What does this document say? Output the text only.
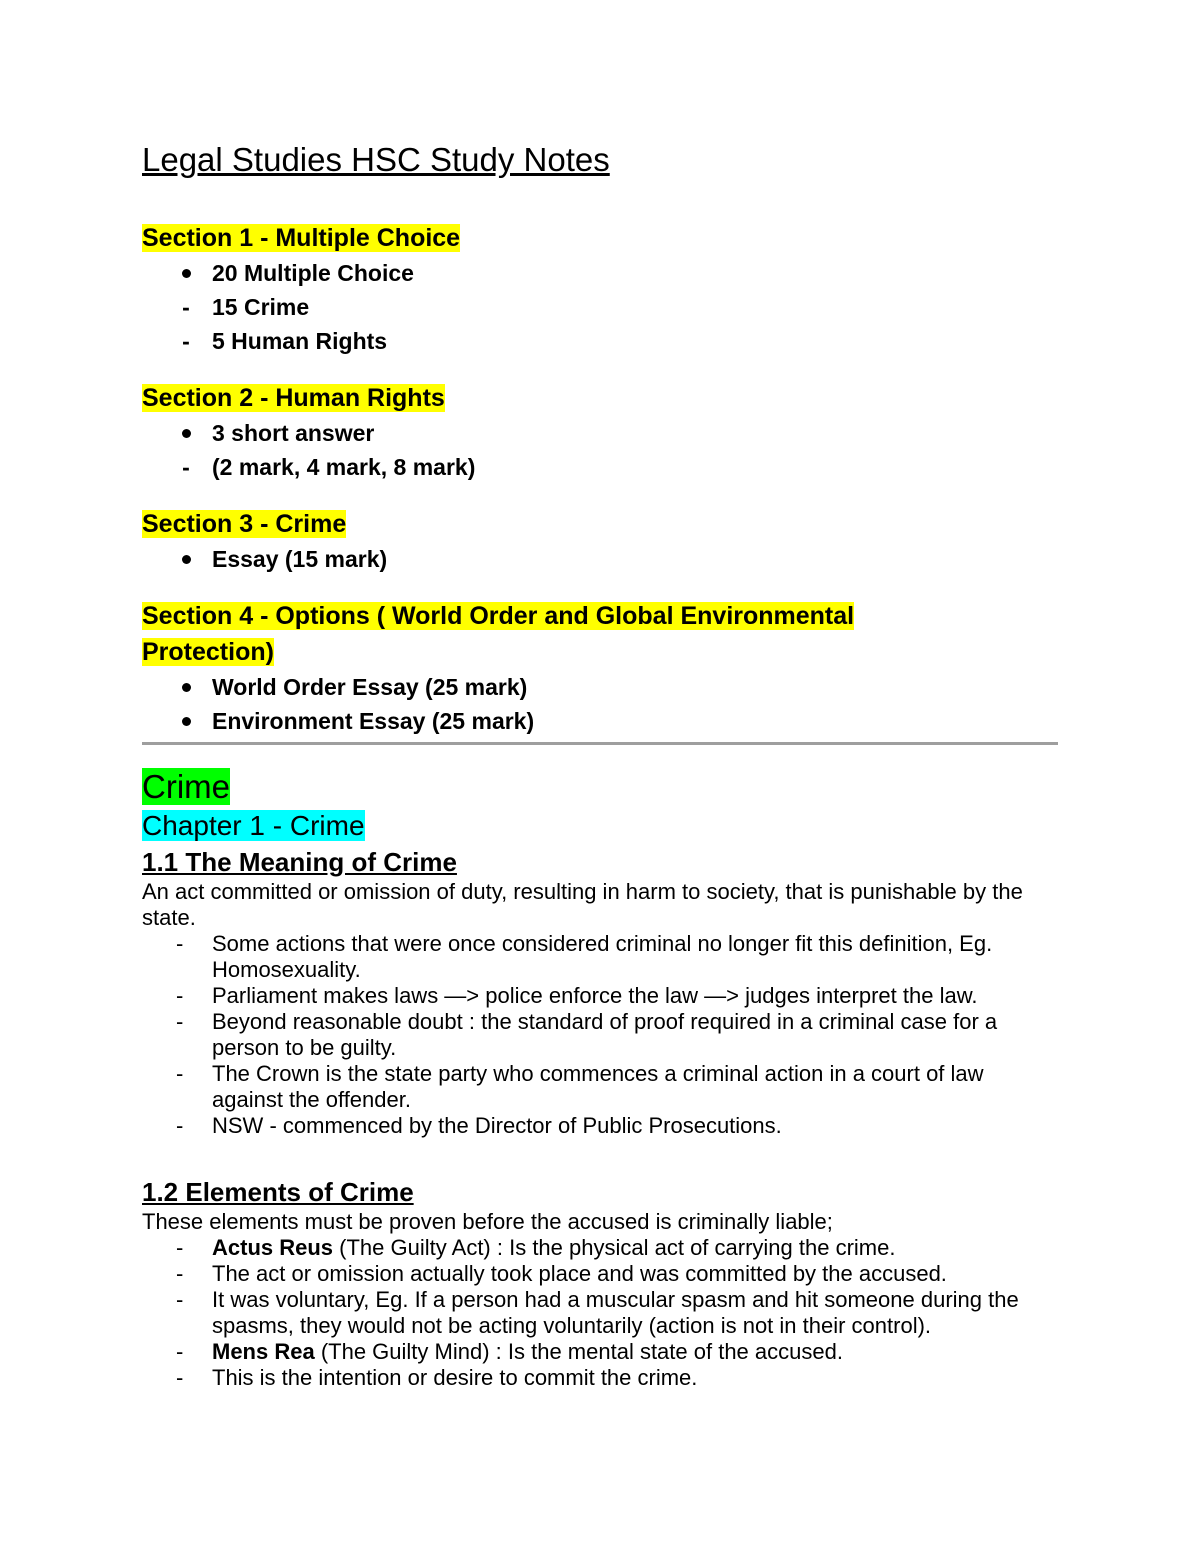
Legal Studies HSC Study Notes

Section 1 - Multiple Choice

20 Multiple Choice
- 15 Crime
- 5 Human Rights

Section 2 - Human Rights

3 short answer
- (2 mark, 4 mark, 8 mark)

Section 3 - Crime

Essay (15 mark)

Section 4 - Options ( World Order and Global Environmental
Protection)

World Order Essay (25 mark)
Environment Essay (25 mark)

Crime

Chapter 1 - Crime

1.1 The Meaning of Crime

An act committed or omission of duty, resulting in harm to society, that is punishable by the state.

- Some actions that were once considered criminal no longer fit this definition, Eg. Homosexuality.
- Parliament makes laws —> police enforce the law —> judges interpret the law.
- Beyond reasonable doubt : the standard of proof required in a criminal case for a person to be guilty.
- The Crown is the state party who commences a criminal action in a court of law against the offender.
- NSW - commenced by the Director of Public Prosecutions.

1.2 Elements of Crime

These elements must be proven before the accused is criminally liable;

- Actus Reus (The Guilty Act) : Is the physical act of carrying the crime.
- The act or omission actually took place and was committed by the accused.
- It was voluntary, Eg. If a person had a muscular spasm and hit someone during the spasms, they would not be acting voluntarily (action is not in their control).
- Mens Rea (The Guilty Mind) : Is the mental state of the accused.
- This is the intention or desire to commit the crime.
